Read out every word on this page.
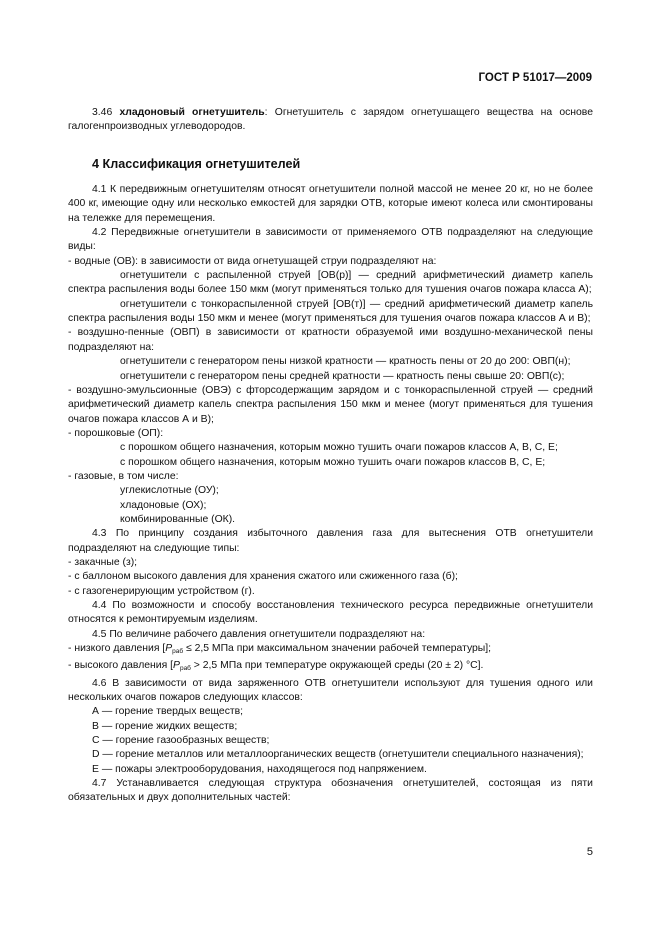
ГОСТ Р 51017—2009

3.46 хладоновый огнетушитель: Огнетушитель с зарядом огнетушащего вещества на основе галогенпроизводных углеводородов.

4 Классификация огнетушителей

4.1 К передвижным огнетушителям относят огнетушители полной массой не менее 20 кг, но не более 400 кг, имеющие одну или несколько емкостей для зарядки ОТВ, которые имеют колеса или смонтированы на тележке для перемещения.

4.2 Передвижные огнетушители в зависимости от применяемого ОТВ подразделяют на следующие виды:

- водные (ОВ): в зависимости от вида огнетушащей струи подразделяют на:

огнетушители с распыленной струей [ОВ(р)] — средний арифметический диаметр капель спектра распыления воды более 150 мкм (могут применяться только для тушения очагов пожара класса А);

огнетушители с тонкораспыленной струей [ОВ(т)] — средний арифметический диаметр капель спектра распыления воды 150 мкм и менее (могут применяться для тушения очагов пожара классов А и В);

- воздушно-пенные (ОВП) в зависимости от кратности образуемой ими воздушно-механической пены подразделяют на:

огнетушители с генератором пены низкой кратности — кратность пены от 20 до 200: ОВП(н);

огнетушители с генератором пены средней кратности — кратность пены свыше 20: ОВП(с);

- воздушно-эмульсионные (ОВЭ) с фторсодержащим зарядом и с тонкораспыленной струей — средний арифметический диаметр капель спектра распыления 150 мкм и менее (могут применяться для тушения очагов пожара классов А и В);

- порошковые (ОП):

с порошком общего назначения, которым можно тушить очаги пожаров классов А, В, С, Е;

с порошком общего назначения, которым можно тушить очаги пожаров классов В, С, Е;

- газовые, в том числе:

углекислотные (ОУ);

хладоновые (ОХ);

комбинированные (ОК).

4.3 По принципу создания избыточного давления газа для вытеснения ОТВ огнетушители подразделяют на следующие типы:

- закачные (з);

- с баллоном высокого давления для хранения сжатого или сжиженного газа (б);

- с газогенерирующим устройством (г).

4.4 По возможности и способу восстановления технического ресурса передвижные огнетушители относятся к ремонтируемым изделиям.

4.5 По величине рабочего давления огнетушители подразделяют на:

- низкого давления [$P_{раб} \le 2,5$ МПа при максимальном значении рабочей температуры];

- высокого давления [$P_{раб} > 2,5$ МПа при температуре окружающей среды (20 ± 2) °С].

4.6 В зависимости от вида заряженного ОТВ огнетушители используют для тушения одного или нескольких очагов пожаров следующих классов:

А — горение твердых веществ;

В — горение жидких веществ;

С — горение газообразных веществ;

D — горение металлов или металлоорганических веществ (огнетушители специального назначения);

Е — пожары электрооборудования, находящегося под напряжением.

4.7 Устанавливается следующая структура обозначения огнетушителей, состоящая из пяти обязательных и двух дополнительных частей:

5
